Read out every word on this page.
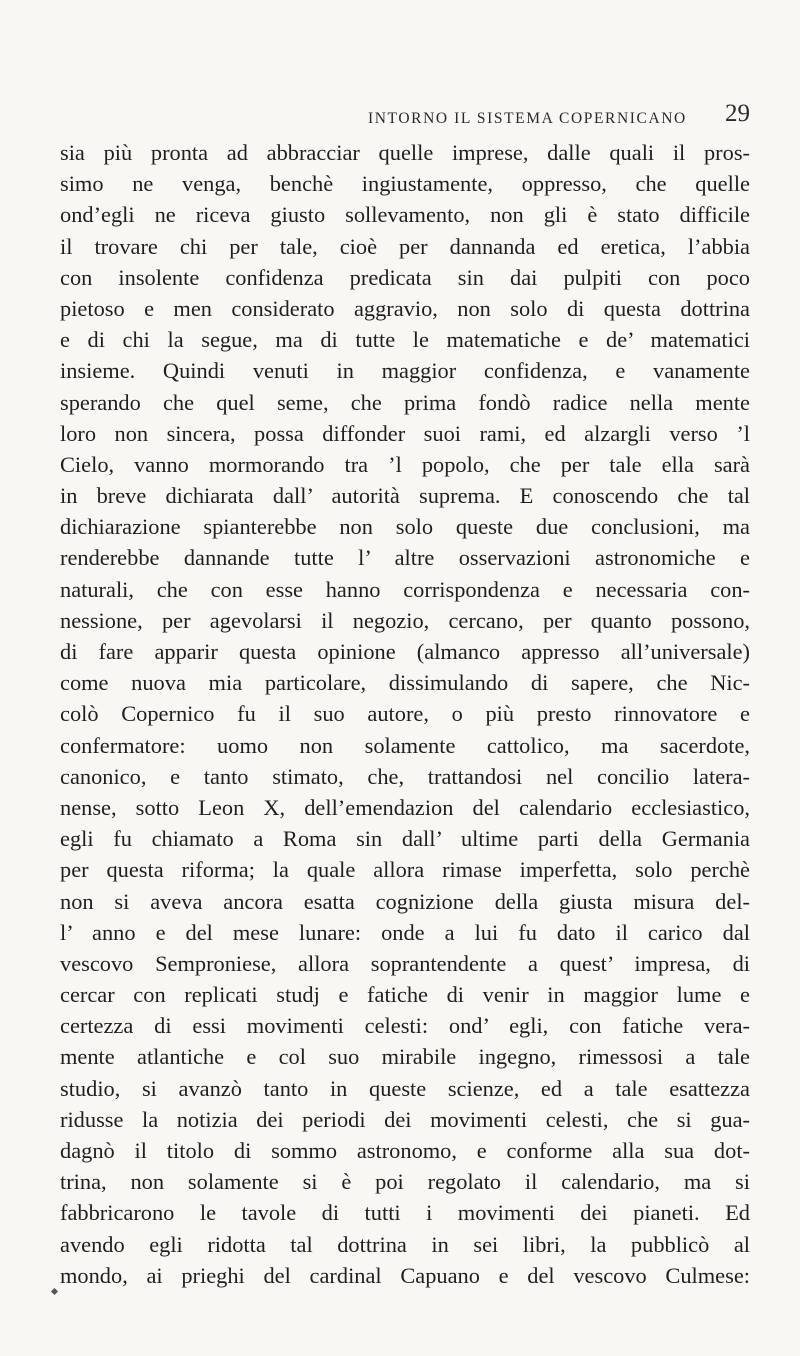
INTORNO IL SISTEMA COPERNICANO 29
sia più pronta ad abbracciar quelle imprese, dalle quali il pros-
simo ne venga, benchè ingiustamente, oppresso, che quelle
ond’egli ne riceva giusto sollevamento, non gli è stato difficile
il trovare chi per tale, cioè per dannanda ed eretica, l’abbia
con insolente confidenza predicata sin dai pulpiti con poco
pietoso e men considerato aggravio, non solo di questa dottrina
e di chi la segue, ma di tutte le matematiche e de’ matematici
insieme. Quindi venuti in maggior confidenza, e vanamente
sperando che quel seme, che prima fondò radice nella mente
loro non sincera, possa diffonder suoi rami, ed alzargli verso ’l
Cielo, vanno mormorando tra ’l popolo, che per tale ella sarà
in breve dichiarata dall’ autorità suprema. E conoscendo che tal
dichiarazione spianterebbe non solo queste due conclusioni, ma
renderebbe dannande tutte l’ altre osservazioni astronomiche e
naturali, che con esse hanno corrispondenza e necessaria con-
nessione, per agevolarsi il negozio, cercano, per quanto possono,
di fare apparir questa opinione (almanco appresso all’universale)
come nuova mia particolare, dissimulando di sapere, che Nic-
colò Copernico fu il suo autore, o più presto rinnovatore e
confermatore: uomo non solamente cattolico, ma sacerdote,
canonico, e tanto stimato, che, trattandosi nel concilio latera-
nense, sotto Leon X, dell’emendazion del calendario ecclesiastico,
egli fu chiamato a Roma sin dall’ ultime parti della Germania
per questa riforma; la quale allora rimase imperfetta, solo perchè
non si aveva ancora esatta cognizione della giusta misura del-
l’ anno e del mese lunare: onde a lui fu dato il carico dal
vescovo Semproniese, allora soprantendente a quest’ impresa, di
cercar con replicati studj e fatiche di venir in maggior lume e
certezza di essi movimenti celesti: ond’ egli, con fatiche vera-
mente atlantiche e col suo mirabile ingegno, rimessosi a tale
studio, si avanzò tanto in queste scienze, ed a tale esattezza
ridusse la notizia dei periodi dei movimenti celesti, che si gua-
dagnò il titolo di sommo astronomo, e conforme alla sua dot-
trina, non solamente si è poi regolato il calendario, ma si
fabbricarono le tavole di tutti i movimenti dei pianeti. Ed
avendo egli ridotta tal dottrina in sei libri, la pubblicò al
mondo, ai prieghi del cardinal Capuano e del vescovo Culmese:
